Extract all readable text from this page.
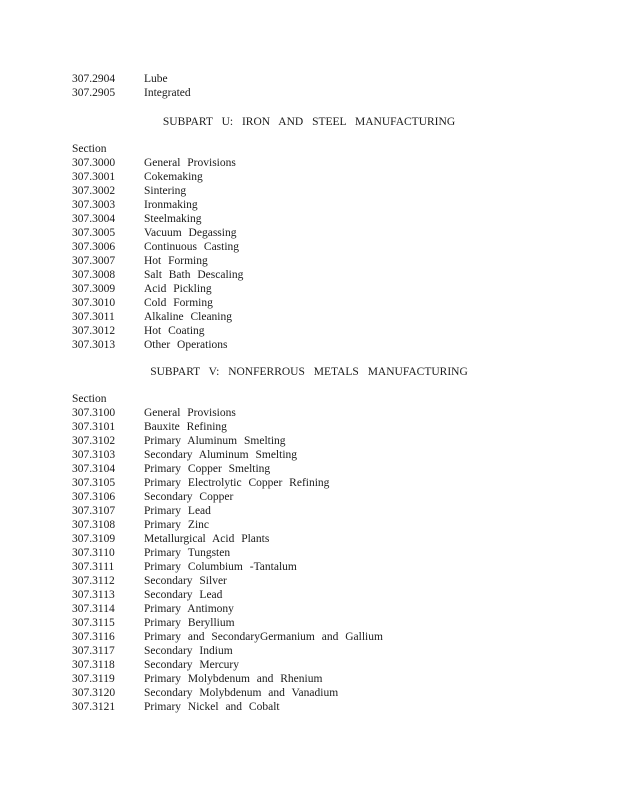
307.2904	Lube
307.2905	Integrated
SUBPART U: IRON AND STEEL MANUFACTURING
Section
307.3000	General Provisions
307.3001	Cokemaking
307.3002	Sintering
307.3003	Ironmaking
307.3004	Steelmaking
307.3005	Vacuum Degassing
307.3006	Continuous Casting
307.3007	Hot Forming
307.3008	Salt Bath Descaling
307.3009	Acid Pickling
307.3010	Cold Forming
307.3011	Alkaline Cleaning
307.3012	Hot Coating
307.3013	Other Operations
SUBPART V: NONFERROUS METALS MANUFACTURING
Section
307.3100	General Provisions
307.3101	Bauxite Refining
307.3102	Primary Aluminum Smelting
307.3103	Secondary Aluminum Smelting
307.3104	Primary Copper Smelting
307.3105	Primary Electrolytic Copper Refining
307.3106	Secondary Copper
307.3107	Primary Lead
307.3108	Primary Zinc
307.3109	Metallurgical Acid Plants
307.3110	Primary Tungsten
307.3111	Primary Columbium -Tantalum
307.3112	Secondary Silver
307.3113	Secondary Lead
307.3114	Primary Antimony
307.3115	Primary Beryllium
307.3116	Primary and SecondaryGermanium and Gallium
307.3117	Secondary Indium
307.3118	Secondary Mercury
307.3119	Primary Molybdenum and Rhenium
307.3120	Secondary Molybdenum and Vanadium
307.3121	Primary Nickel and Cobalt
